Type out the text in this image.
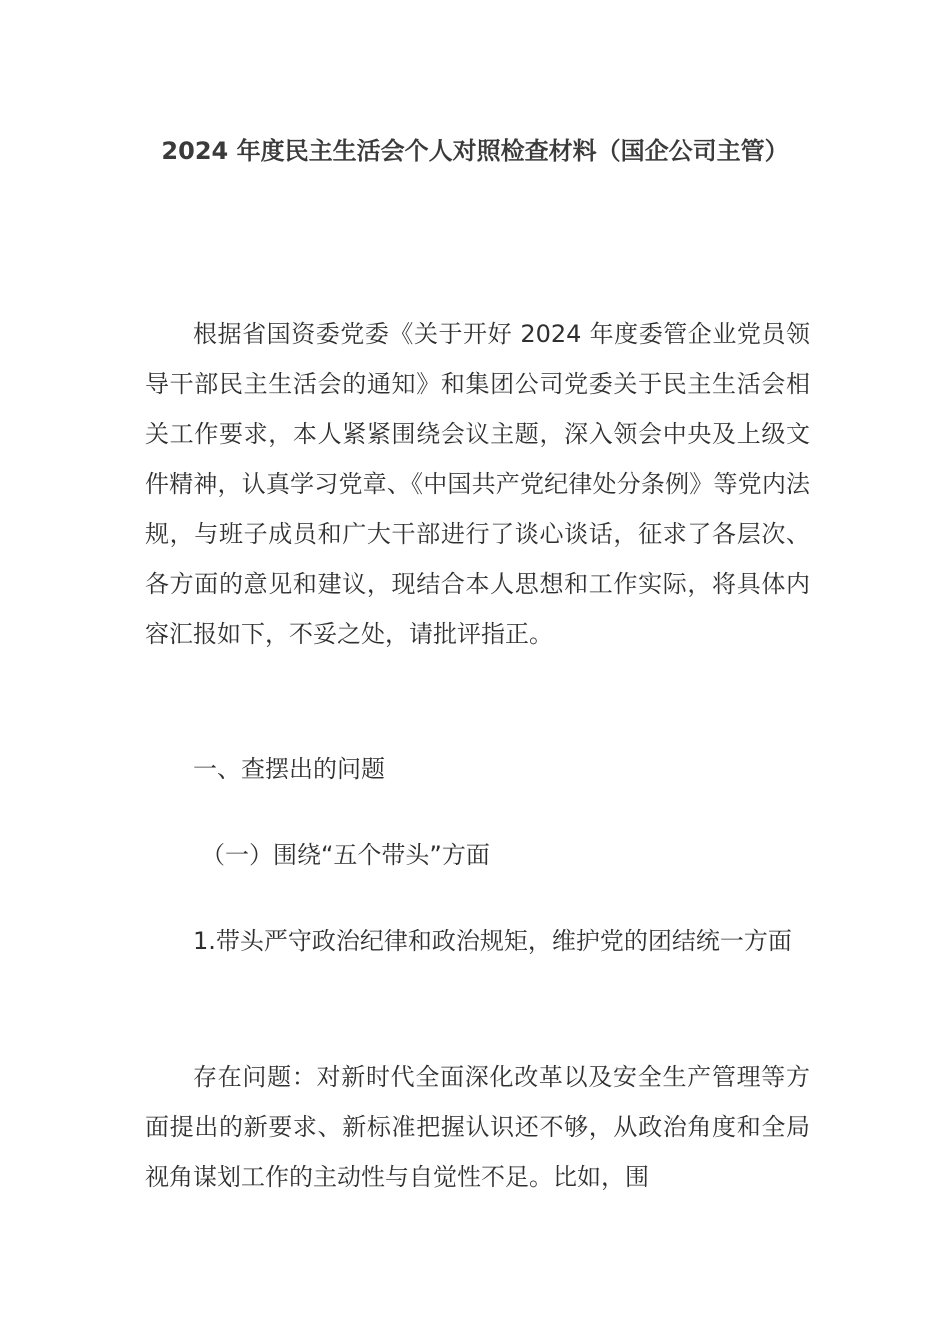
2024 年度民主生活会个人对照检查材料（国企公司主管）
根据省国资委党委《关于开好 2024 年度委管企业党员领导干部民主生活会的通知》和集团公司党委关于民主生活会相关工作要求，本人紧紧围绕会议主题，深入领会中央及上级文件精神，认真学习党章、《中国共产党纪律处分条例》等党内法规，与班子成员和广大干部进行了谈心谈话，征求了各层次、各方面的意见和建议，现结合本人思想和工作实际，将具体内容汇报如下，不妥之处，请批评指正。
一、查摆出的问题
（一）围绕“五个带头”方面
1.带头严守政治纪律和政治规矩，维护党的团结统一方面
存在问题：对新时代全面深化改革以及安全生产管理等方面提出的新要求、新标准把握认识还不够，从政治角度和全局视角谋划工作的主动性与自觉性不足。比如，围
